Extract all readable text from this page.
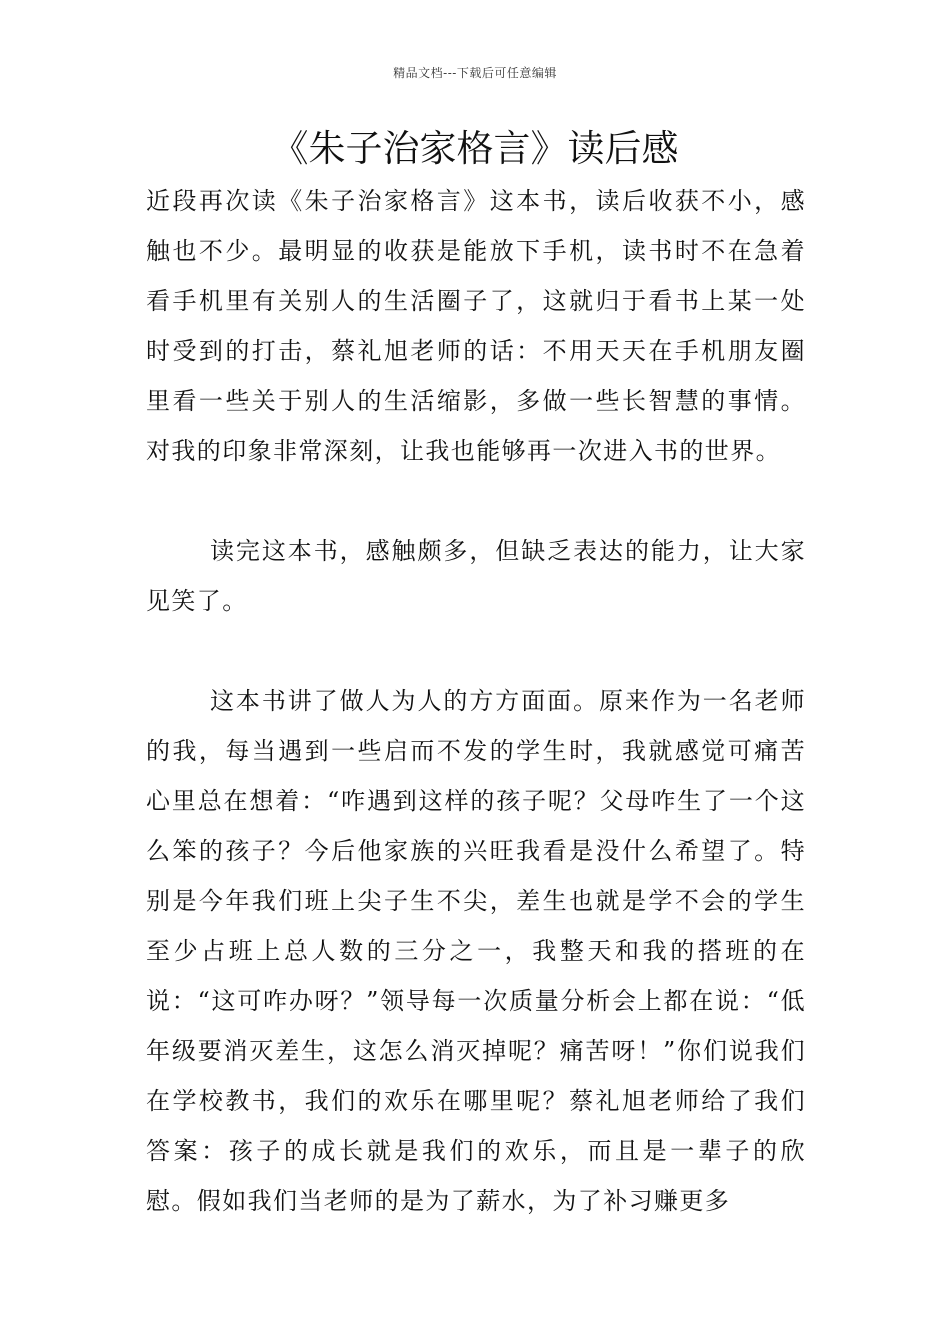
精品文档---下载后可任意编辑
《朱子治家格言》读后感

近段再次读《朱子治家格言》这本书，读后收获不小，感触也不少。最明显的收获是能放下手机，读书时不在急着看手机里有关别人的生活圈子了，这就归于看书上某一处时受到的打击，蔡礼旭老师的话：不用天天在手机朋友圈里看一些关于别人的生活缩影，多做一些长智慧的事情。对我的印象非常深刻，让我也能够再一次进入书的世界。

读完这本书，感触颇多，但缺乏表达的能力，让大家见笑了。

这本书讲了做人为人的方方面面。原来作为一名老师的我，每当遇到一些启而不发的学生时，我就感觉可痛苦心里总在想着：“咋遇到这样的孩子呢？父母咋生了一个这么笨的孩子？今后他家族的兴旺我看是没什么希望了。特别是今年我们班上尖子生不尖，差生也就是学不会的学生至少占班上总人数的三分之一，我整天和我的搭班的在说：“这可咋办呀？”领导每一次质量分析会上都在说：“低年级要消灭差生，这怎么消灭掉呢？痛苦呀！”你们说我们在学校教书，我们的欢乐在哪里呢？蔡礼旭老师给了我们答案：孩子的成长就是我们的欢乐，而且是一辈子的欣慰。假如我们当老师的是为了薪水，为了补习赚更多
